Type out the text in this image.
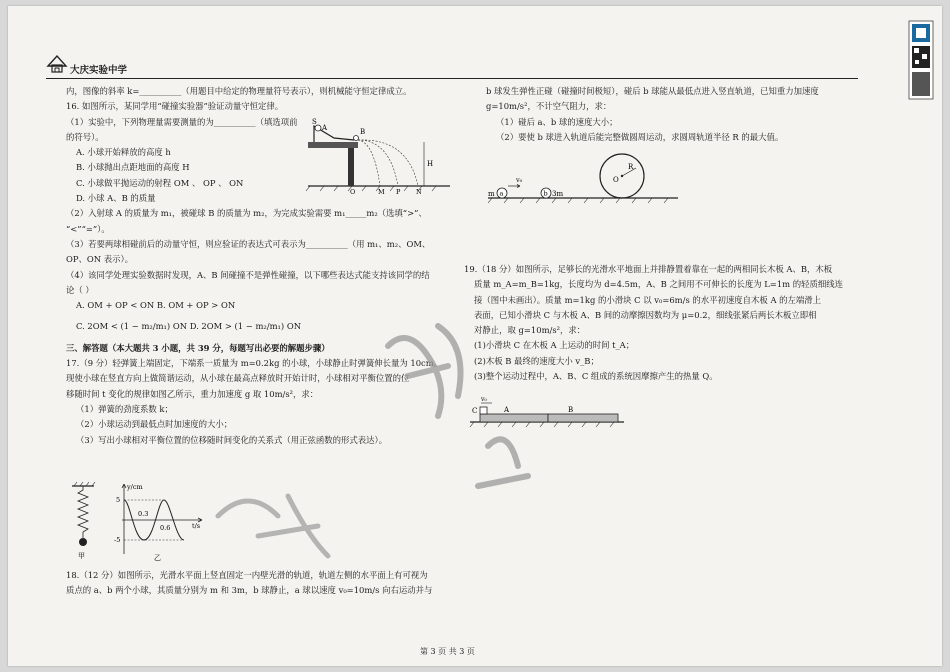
大庆实验中学

内，图像的斜率 k=__________（用题目中给定的物理量符号表示），则机械能守恒定律成立。

16. 如图所示，某同学用“碰撞实验器”验证动量守恒定律。

（1）实验中，下列物理量需要测量的为__________（填选项前

的符号）。

A. 小球开始释放的高度 h

B. 小球抛出点距地面的高度 H

C. 小球做平抛运动的射程 OM 、 OP 、 ON

D. 小球 A、B 的质量

（2）入射球 A 的质量为 m₁，被碰球 B 的质量为 m₂，为完成实验需要 m₁_____m₂（选填“>”、

“<”“=”）。

（3）若要两球相碰前后的动量守恒，则应验证的表达式可表示为__________（用 m₁、m₂、OM、

OP、ON 表示）。

（4）该同学处理实验数据时发现，A、B 间碰撞不是弹性碰撞，以下哪些表达式能支持该同学的结

论（ ）

A. OM + OP < ON B. OM + OP > ON

C. 2OM < (1 − m₂/m₁) ON D. 2OM > (1 − m₂/m₁) ON

三、解答题（本大题共 3 小题，共 39 分，每题写出必要的解题步骤）

17.（9 分）轻弹簧上端固定，下端系一质量为 m=0.2kg 的小球，小球静止时弹簧伸长量为 10cm。

现使小球在竖直方向上做简谐运动，从小球在最高点释放时开始计时，小球相对平衡位置的位

移随时间 t 变化的规律如图乙所示，重力加速度 g 取 10m/s²，求：

（1）弹簧的劲度系数 k；

（2）小球运动到最低点时加速度的大小；

（3）写出小球相对平衡位置的位移随时间变化的关系式（用正弦函数的形式表达）。

S
A	B
H
O	M P N
甲
y/cm
t/s
5
-5
0.3
0.6
乙

18.（12 分）如图所示，光滑水平面上竖直固定一内壁光滑的轨道，轨道左侧的水平面上有可视为

质点的 a、b 两个小球，其质量分别为 m 和 3m，b 球静止，a 球以速度 v₀=10m/s 向右运动并与

b 球发生弹性正碰（碰撞时间极短），碰后 b 球能从最低点进入竖直轨道，已知重力加速度

g=10m/s²，不计空气阻力，求：

（1）碰后 a、b 球的速度大小；

（2）要使 b 球进入轨道后能完整做圆周运动，求圆周轨道半径 R 的最大值。

m a
v₀
b 3m
O
R

19.（18 分）如图所示，足够长的光滑水平地面上并排静置着靠在一起的两相同长木板 A、B，木板

质量 m_A=m_B=1kg，长度均为 d=4.5m，A、B 之间用不可伸长的长度为 L=1m 的轻质细线连

接（图中未画出）。质量 m=1kg 的小滑块 C 以 v₀=6m/s 的水平初速度自木板 A 的左端滑上

表面，已知小滑块 C 与木板 A、B 间的动摩擦因数均为 μ=0.2，细线张紧后两长木板立即相

对静止，取 g=10m/s²，求：

(1)小滑块 C 在木板 A 上运动的时间 t_A；

(2)木板 B 最终的速度大小 v_B；

(3)整个运动过程中，A、B、C 组成的系统因摩擦产生的热量 Q。

C
v₀
A	B
第 3 页 共 3 页
